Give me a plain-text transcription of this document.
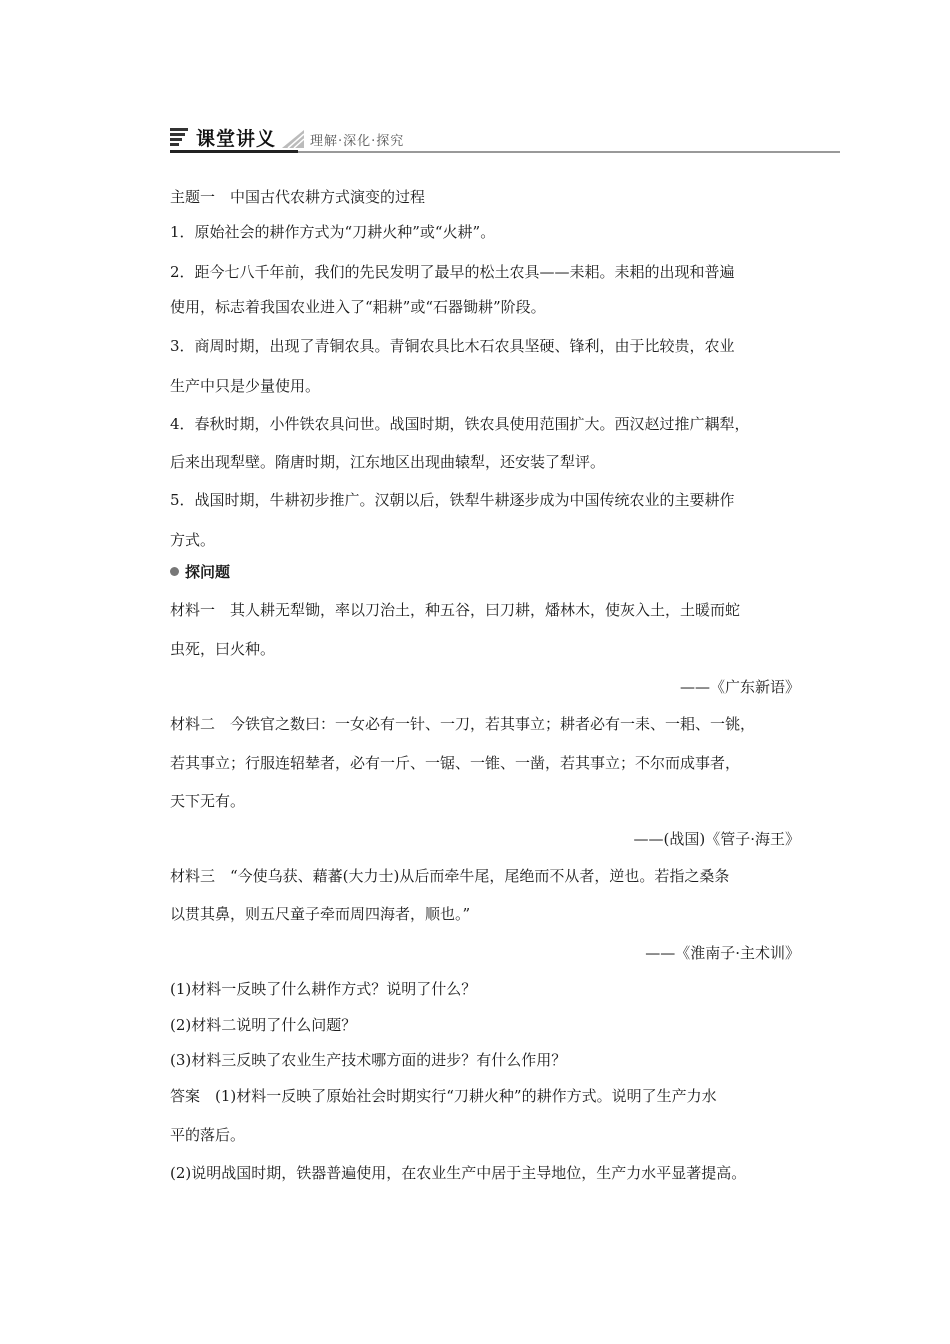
课堂讲义	理解·深化·探究
主题一　中国古代农耕方式演变的过程
1．原始社会的耕作方式为“刀耕火种”或“火耕”。
2．距今七八千年前，我们的先民发明了最早的松土农具——耒耜。耒耜的出现和普遍
使用，标志着我国农业进入了“耜耕”或“石器锄耕”阶段。
3．商周时期，出现了青铜农具。青铜农具比木石农具坚硬、锋利，由于比较贵，农业
生产中只是少量使用。
4．春秋时期，小件铁农具问世。战国时期，铁农具使用范围扩大。西汉赵过推广耦犁，
后来出现犁壁。隋唐时期，江东地区出现曲辕犁，还安装了犁评。
5．战国时期，牛耕初步推广。汉朝以后，铁犁牛耕逐步成为中国传统农业的主要耕作
方式。
探问题
材料一　其人耕无犁锄，率以刀治土，种五谷，曰刀耕，燔林木，使灰入土，土暖而蛇
虫死，曰火种。
——《广东新语》
材料二　今铁官之数曰：一女必有一针、一刀，若其事立；耕者必有一耒、一耜、一铫，
若其事立；行服连轺辇者，必有一斤、一锯、一锥、一凿，若其事立；不尔而成事者，
天下无有。
——(战国)《管子·海王》
材料三　“今使乌获、藉蕃(大力士)从后而牵牛尾，尾绝而不从者，逆也。若指之桑条
以贯其鼻，则五尺童子牵而周四海者，顺也。”
——《淮南子·主术训》
(1)材料一反映了什么耕作方式？说明了什么？
(2)材料二说明了什么问题？
(3)材料三反映了农业生产技术哪方面的进步？有什么作用？
答案　(1)材料一反映了原始社会时期实行“刀耕火种”的耕作方式。说明了生产力水
平的落后。
(2)说明战国时期，铁器普遍使用，在农业生产中居于主导地位，生产力水平显著提高。
